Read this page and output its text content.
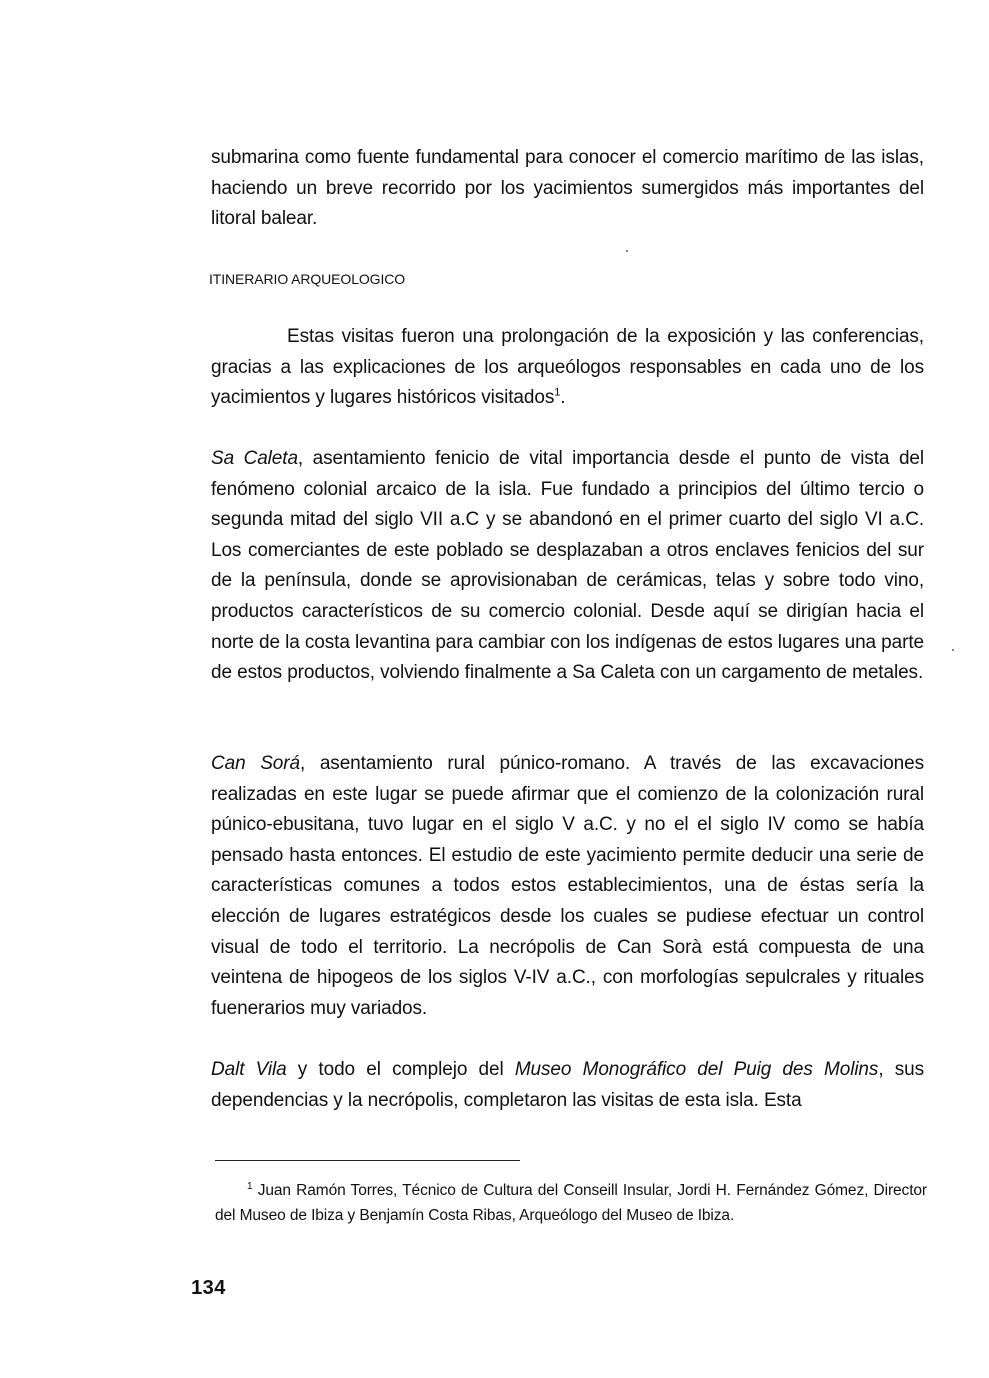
submarina como fuente fundamental para conocer el comercio marítimo de las islas, haciendo un breve recorrido por los yacimientos sumergidos más importantes del litoral balear.

ITINERARIO ARQUEOLOGICO

Estas visitas fueron una prolongación de la exposición y las conferencias, gracias a las explicaciones de los arqueólogos responsables en cada uno de los yacimientos y lugares históricos visitados$^1$.

Sa Caleta, asentamiento fenicio de vital importancia desde el punto de vista del fenómeno colonial arcaico de la isla. Fue fundado a principios del último tercio o segunda mitad del siglo VII a.C y se abandonó en el primer cuarto del siglo VI a.C. Los comerciantes de este poblado se desplazaban a otros enclaves fenicios del sur de la península, donde se aprovisionaban de cerámicas, telas y sobre todo vino, productos característicos de su comercio colonial. Desde aquí se dirigían hacia el norte de la costa levantina para cambiar con los indígenas de estos lugares una parte de estos productos, volviendo finalmente a Sa Caleta con un cargamento de metales.

Can Sorá, asentamiento rural púnico-romano. A través de las excavaciones realizadas en este lugar se puede afirmar que el comienzo de la colonización rural púnico-ebusitana, tuvo lugar en el siglo V a.C. y no el el siglo IV como se había pensado hasta entonces. El estudio de este yacimiento permite deducir una serie de características comunes a todos estos establecimientos, una de éstas sería la elección de lugares estratégicos desde los cuales se pudiese efectuar un control visual de todo el territorio. La necrópolis de Can Sorà está compuesta de una veintena de hipogeos de los siglos V-IV a.C., con morfologías sepulcrales y rituales fuenerarios muy variados.

Dalt Vila y todo el complejo del Museo Monográfico del Puig des Molins, sus dependencias y la necrópolis, completaron las visitas de esta isla. Esta

$^1$ Juan Ramón Torres, Técnico de Cultura del Conseill Insular, Jordi H. Fernández Gómez, Director del Museo de Ibiza y Benjamín Costa Ribas, Arqueólogo del Museo de Ibiza.

134
